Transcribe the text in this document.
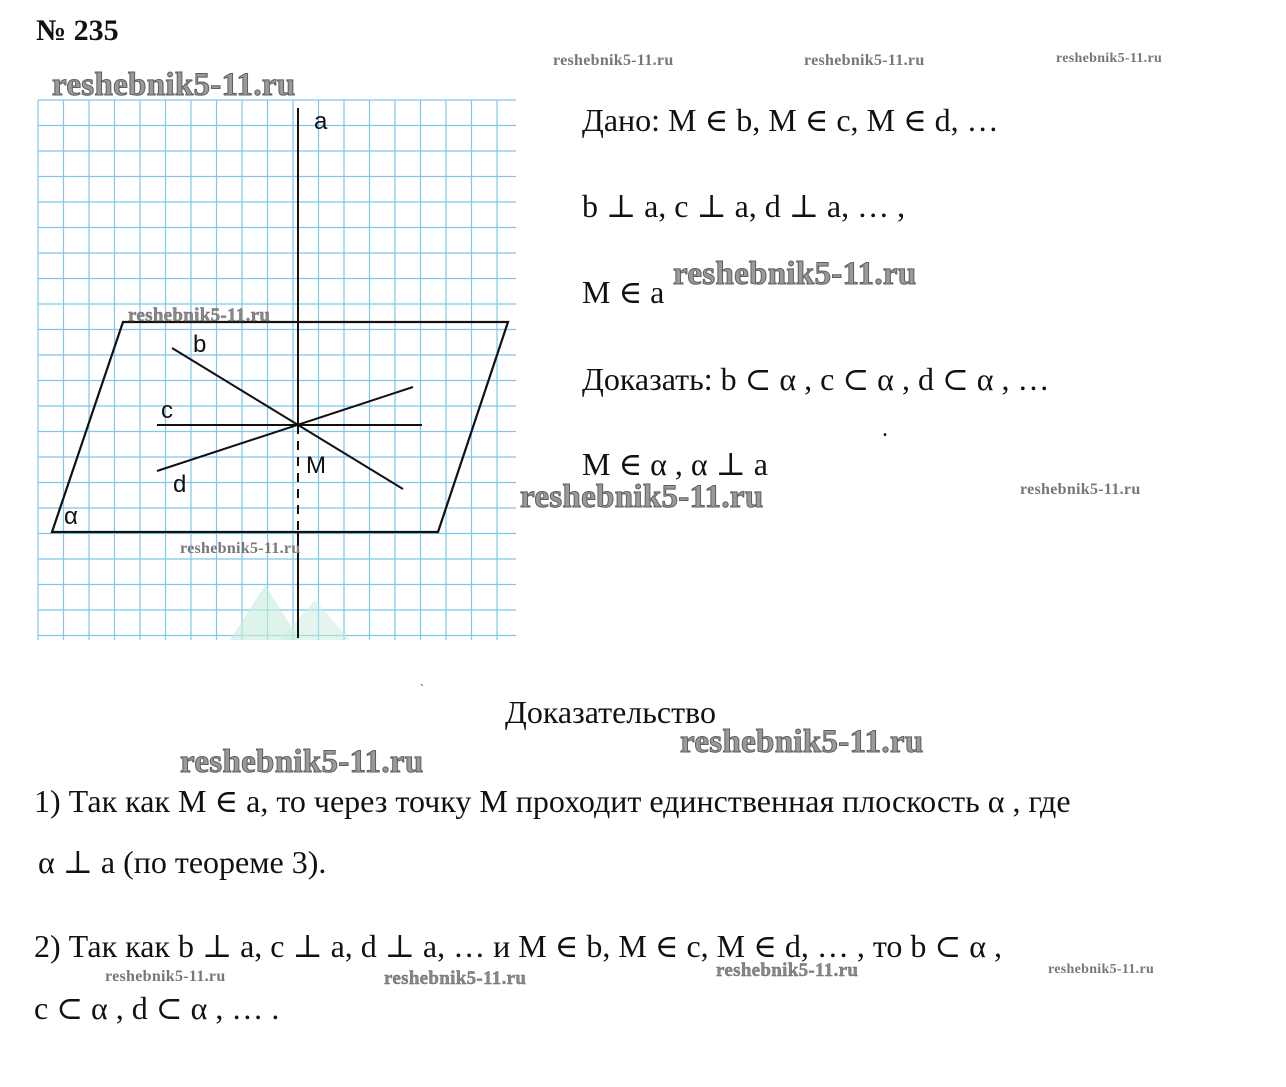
№ 235
a
b
c
d
M
α
`
Дано: M ∈ b, M ∈ c, M ∈ d, …
b ⊥ a, c ⊥ a, d ⊥ a, … ,
M ∈ a
Доказать: b ⊂ α , c ⊂ α , d ⊂ α , …
.
M ∈ α , α ⊥ a
Доказательство
1) Так как M ∈ a, то через точку M проходит единственная плоскость α , где
α ⊥ a (по теореме 3).
2) Так как b ⊥ a, c ⊥ a, d ⊥ a, … и M ∈ b, M ∈ c, M ∈ d, … , то b ⊂ α ,
c ⊂ α , d ⊂ α , … .
reshebnik5-11.ru	reshebnik5-11.ru	reshebnik5-11.ru
reshebnik5-11.ru
reshebnik5-11.ru
reshebnik5-11.ru
reshebnik5-11.ru	reshebnik5-11.ru
reshebnik5-11.ru
reshebnik5-11.ru
reshebnik5-11.ru
reshebnik5-11.ru	reshebnik5-11.ru	reshebnik5-11.ru	reshebnik5-11.ru
